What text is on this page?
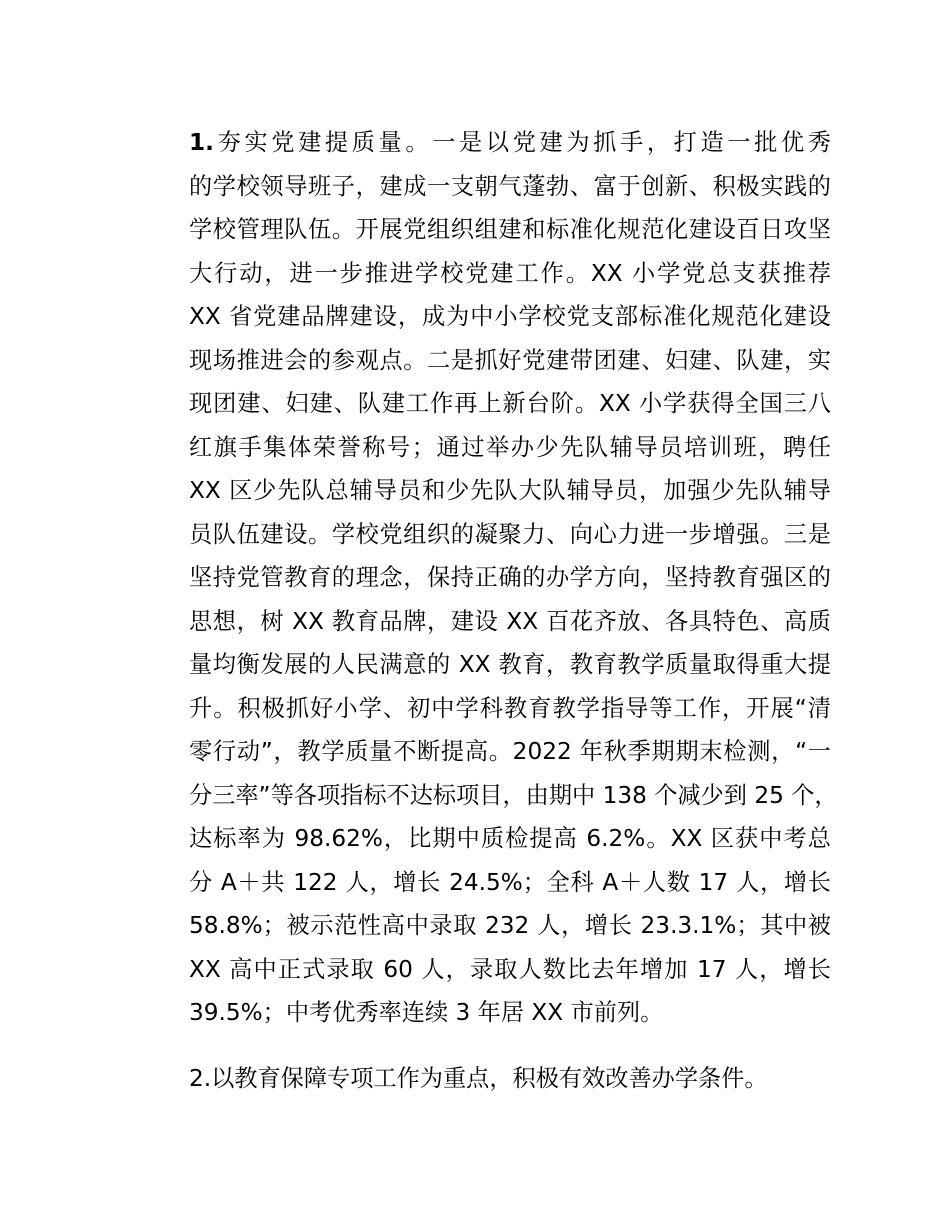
1.夯实党建提质量。一是以党建为抓手，打造一批优秀
的学校领导班子，建成一支朝气蓬勃、富于创新、积极实践的
学校管理队伍。开展党组织组建和标准化规范化建设百日攻坚
大行动，进一步推进学校党建工作。XX 小学党总支获推荐
XX 省党建品牌建设，成为中小学校党支部标准化规范化建设
现场推进会的参观点。二是抓好党建带团建、妇建、队建，实
现团建、妇建、队建工作再上新台阶。XX 小学获得全国三八
红旗手集体荣誉称号；通过举办少先队辅导员培训班，聘任
XX 区少先队总辅导员和少先队大队辅导员，加强少先队辅导
员队伍建设。学校党组织的凝聚力、向心力进一步增强。三是
坚持党管教育的理念，保持正确的办学方向，坚持教育强区的
思想，树 XX 教育品牌，建设 XX 百花齐放、各具特色、高质
量均衡发展的人民满意的 XX 教育，教育教学质量取得重大提
升。积极抓好小学、初中学科教育教学指导等工作，开展“清
零行动”，教学质量不断提高。2022 年秋季期期末检测，“一
分三率”等各项指标不达标项目，由期中 138 个减少到 25 个，
达标率为 98.62%，比期中质检提高 6.2%。XX 区获中考总
分 A＋共 122 人，增长 24.5%；全科 A＋人数 17 人，增长
58.8%；被示范性高中录取 232 人，增长 23.3.1%；其中被
XX 高中正式录取 60 人，录取人数比去年增加 17 人，增长
39.5%；中考优秀率连续 3 年居 XX 市前列。
2.以教育保障专项工作为重点，积极有效改善办学条件。
